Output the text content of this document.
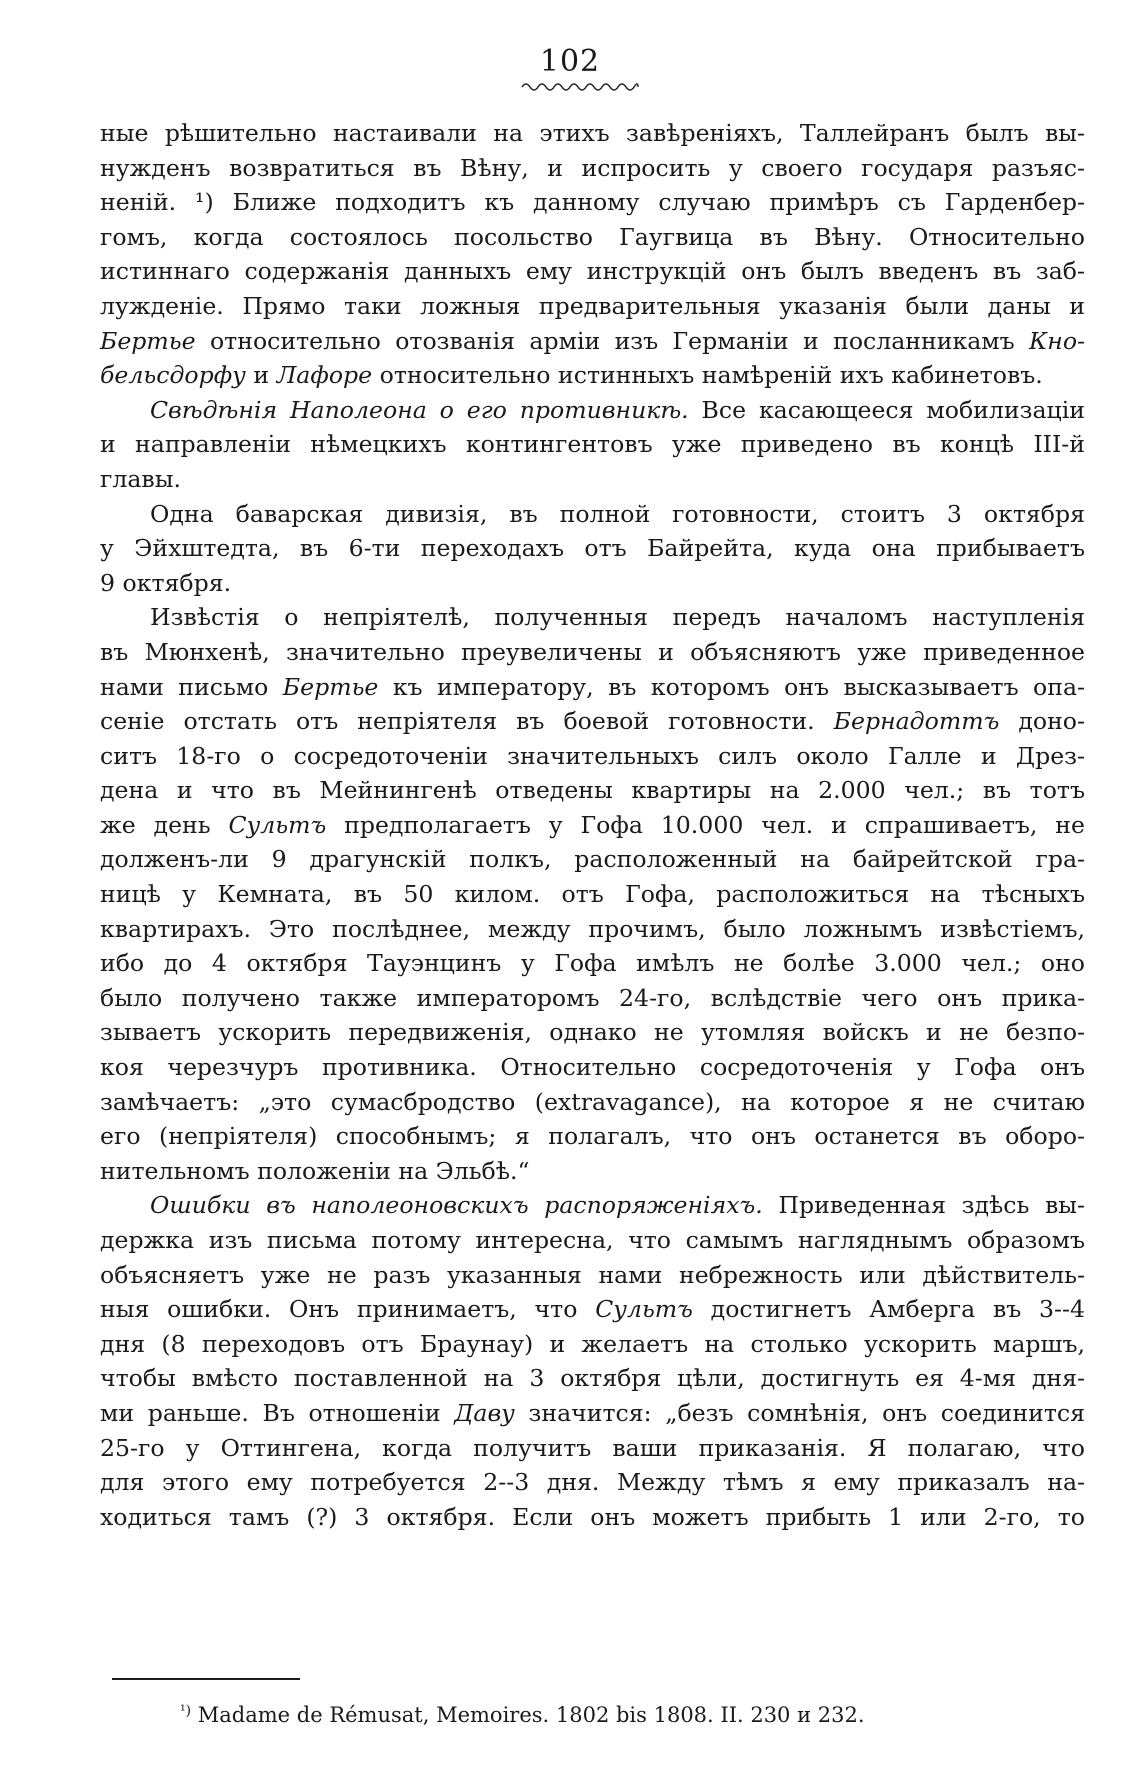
102

ные рѣшительно настаивали на этихъ завѣреніяхъ, Таллейранъ былъ вы-
нужденъ возвратиться въ Вѣну, и испросить у своего государя разъяс-
неній. ¹) Ближе подходитъ къ данному случаю примѣръ съ Гарденбер-
гомъ, когда состоялось посольство Гаугвица въ Вѣну. Относительно
истиннаго содержанія данныхъ ему инструкцій онъ былъ введенъ въ заб-
лужденіе. Прямо таки ложныя предварительныя указанія были даны и
Бертье относительно отозванія арміи изъ Германіи и посланникамъ Кно-
бельсдорфу и Лафоре относительно истинныхъ намѣреній ихъ кабинетовъ.

Свѣдѣнія Наполеона о его противникѣ. Все касающееся мобилизаціи
и направленіи нѣмецкихъ контингентовъ уже приведено въ концѣ ІІІ-й
главы.

Одна баварская дивизія, въ полной готовности, стоитъ 3 октября
у Эйхштедта, въ 6-ти переходахъ отъ Байрейта, куда она прибываетъ
9 октября.

Извѣстія о непріятелѣ, полученныя передъ началомъ наступленія
въ Мюнхенѣ, значительно преувеличены и объясняютъ уже приведенное
нами письмо Бертье къ императору, въ которомъ онъ высказываетъ опа-
сеніе отстать отъ непріятеля въ боевой готовности. Бернадоттъ доно-
ситъ 18-го о сосредоточеніи значительныхъ силъ около Галле и Дрез-
дена и что въ Мейнингенѣ отведены квартиры на 2.000 чел.; въ тотъ
же день Сультъ предполагаетъ у Гофа 10.000 чел. и спрашиваетъ, не
долженъ-ли 9 драгунскій полкъ, расположенный на байрейтской гра-
ницѣ у Кемната, въ 50 килом. отъ Гофа, расположиться на тѣсныхъ
квартирахъ. Это послѣднее, между прочимъ, было ложнымъ извѣстіемъ,
ибо до 4 октября Тауэнцинъ у Гофа имѣлъ не болѣе 3.000 чел.; оно
было получено также императоромъ 24-го, вслѣдствіе чего онъ прика-
зываетъ ускорить передвиженія, однако не утомляя войскъ и не безпо-
коя черезчуръ противника. Относительно сосредоточенія у Гофа онъ
замѣчаетъ: „это сумасбродство (extravagance), на которое я не считаю
его (непріятеля) способнымъ; я полагалъ, что онъ останется въ оборо-
нительномъ положеніи на Эльбѣ.“

Ошибки въ наполеоновскихъ распоряженіяхъ. Приведенная здѣсь вы-
держка изъ письма потому интересна, что самымъ нагляднымъ образомъ
объясняетъ уже не разъ указанныя нами небрежность или дѣйствитель-
ныя ошибки. Онъ принимаетъ, что Сультъ достигнетъ Амберга въ 3--4
дня (8 переходовъ отъ Браунау) и желаетъ на столько ускорить маршъ,
чтобы вмѣсто поставленной на 3 октября цѣли, достигнуть ея 4-мя дня-
ми раньше. Въ отношеніи Даву значится: „безъ сомнѣнія, онъ соединится
25-го у Оттингена, когда получитъ ваши приказанія. Я полагаю, что
для этого ему потребуется 2--3 дня. Между тѣмъ я ему приказалъ на-
ходиться тамъ (?) 3 октября. Если онъ можетъ прибыть 1 или 2-го, то

$^{^1)}$ Madame de Rémusat, Memoires. 1802 bis 1808. II. 230 и 232.
